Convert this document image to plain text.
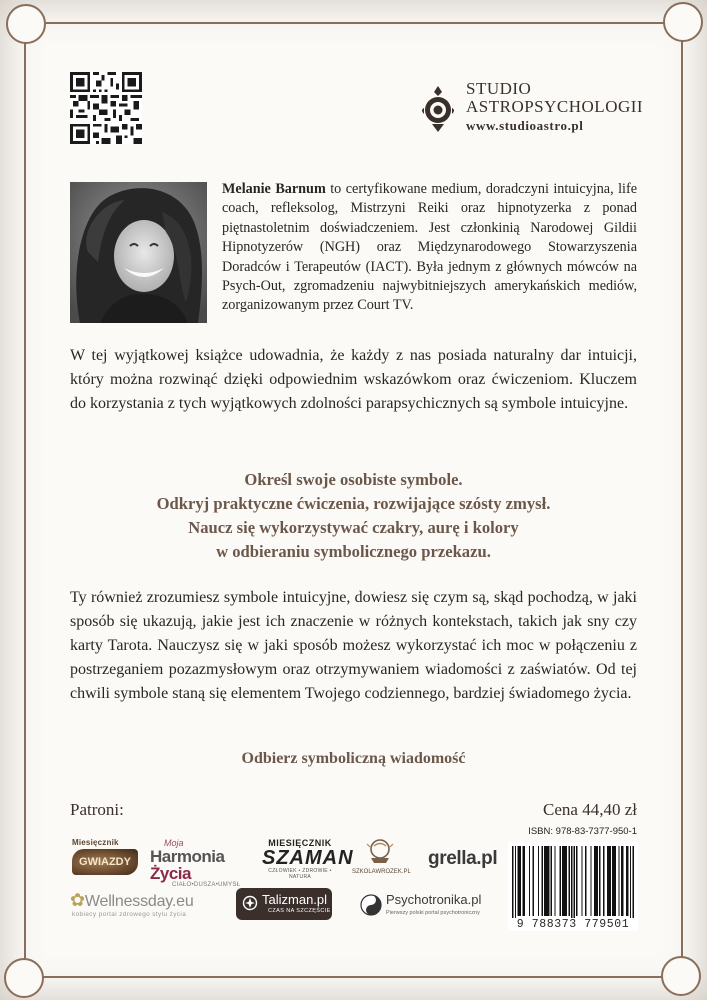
STUDIO
ASTROPSYCHOLOGII
www.studioastro.pl
Melanie Barnum to certyfikowane medium, doradczyni intuicyjna, life coach, refleksolog, Mistrzyni Reiki oraz hipnotyzerka z ponad piętnastoletnim doświadczeniem. Jest członkinią Narodowej Gildii Hipnotyzerów (NGH) oraz Międzynarodowego Stowarzyszenia Doradców i Terapeutów (IACT). Była jednym z głównych mówców na Psych-Out, zgromadzeniu najwybitniejszych amerykańskich mediów, zorganizowanym przez Court TV.
W tej wyjątkowej książce udowadnia, że każdy z nas posiada naturalny dar intuicji, który można rozwinąć dzięki odpowiednim wskazówkom oraz ćwiczeniom. Kluczem do korzystania z tych wyjątkowych zdolności parapsychicznych są symbole intuicyjne.
Określ swoje osobiste symbole.
Odkryj praktyczne ćwiczenia, rozwijające szósty zmysł.
Naucz się wykorzystywać czakry, aurę i kolory
w odbieraniu symbolicznego przekazu.
Ty również zrozumiesz symbole intuicyjne, dowiesz się czym są, skąd pochodzą, w jaki sposób się ukazują, jakie jest ich znaczenie w różnych kontekstach, takich jak sny czy karty Tarota. Nauczysz się w jaki sposób możesz wykorzystać ich moc w połączeniu z postrzeganiem pozazmysłowym oraz otrzymywaniem wiadomości z zaświatów. Od tej chwili symbole staną się elementem Twojego codziennego, bardziej świadomego życia.
Odbierz symboliczną wiadomość
Patroni:	Cena 44,40 zł
ISBN: 978-83-7377-950-1
Miesięcznik
GWIAZDY
Moja
Harmonia Życia
CIAŁO•DUSZA•UMYSŁ
MIESIĘCZNIK
SZAMAN
CZŁOWIEK • ZDROWIE • NATURA
SZKOLAWROZEK.PL
grella.pl
✿Wellnessday.eu
kobiecy portal zdrowego stylu życia
Talizman.pl
CZAS NA SZCZĘŚCIE
Psychotronika.pl
Pierwszy polski portal psychotroniczny
9 788373 779501
